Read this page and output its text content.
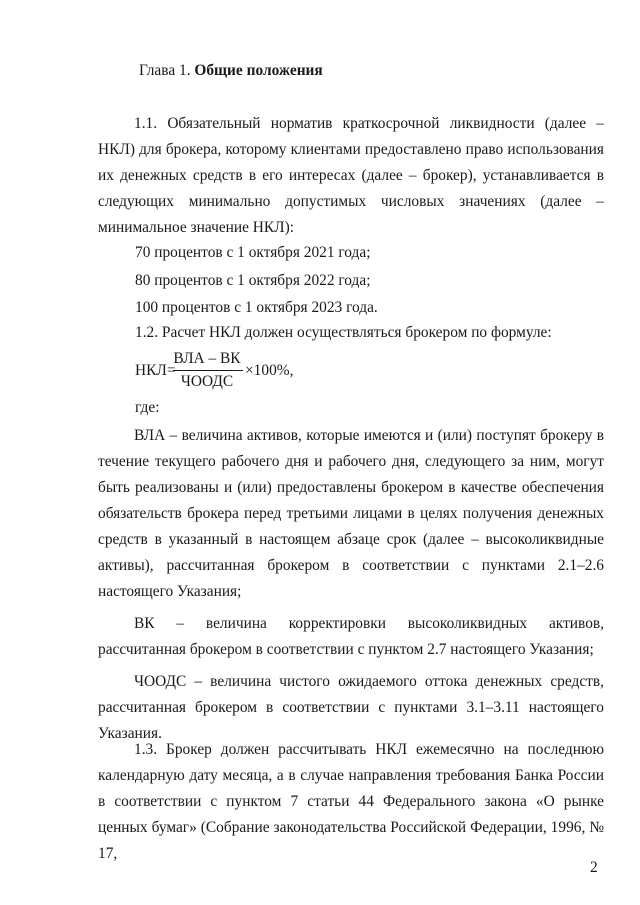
Глава 1. Общие положения

1.1. Обязательный норматив краткосрочной ликвидности (далее – НКЛ) для брокера, которому клиентами предоставлено право использования их денежных средств в его интересах (далее – брокер), устанавливается в следующих минимально допустимых числовых значениях (далее – минимальное значение НКЛ):

70 процентов с 1 октября 2021 года;
80 процентов с 1 октября 2022 года;
100 процентов с 1 октября 2023 года.
1.2. Расчет НКЛ должен осуществляться брокером по формуле:
НКЛ=
ВЛА – ВК
ЧООДС
×100%,
где:

ВЛА – величина активов, которые имеются и (или) поступят брокеру в течение текущего рабочего дня и рабочего дня, следующего за ним, могут быть реализованы и (или) предоставлены брокером в качестве обеспечения обязательств брокера перед третьими лицами в целях получения денежных средств в указанный в настоящем абзаце срок (далее – высоколиквидные активы), рассчитанная брокером в соответствии с пунктами 2.1–2.6 настоящего Указания;

ВК – величина корректировки высоколиквидных активов, рассчитанная брокером в соответствии с пунктом 2.7 настоящего Указания;

ЧООДС – величина чистого ожидаемого оттока денежных средств, рассчитанная брокером в соответствии с пунктами 3.1–3.11 настоящего Указания.

1.3. Брокер должен рассчитывать НКЛ ежемесячно на последнюю календарную дату месяца, а в случае направления требования Банка России в соответствии с пунктом 7 статьи 44 Федерального закона «О рынке ценных бумаг» (Собрание законодательства Российской Федерации, 1996, № 17,

2
